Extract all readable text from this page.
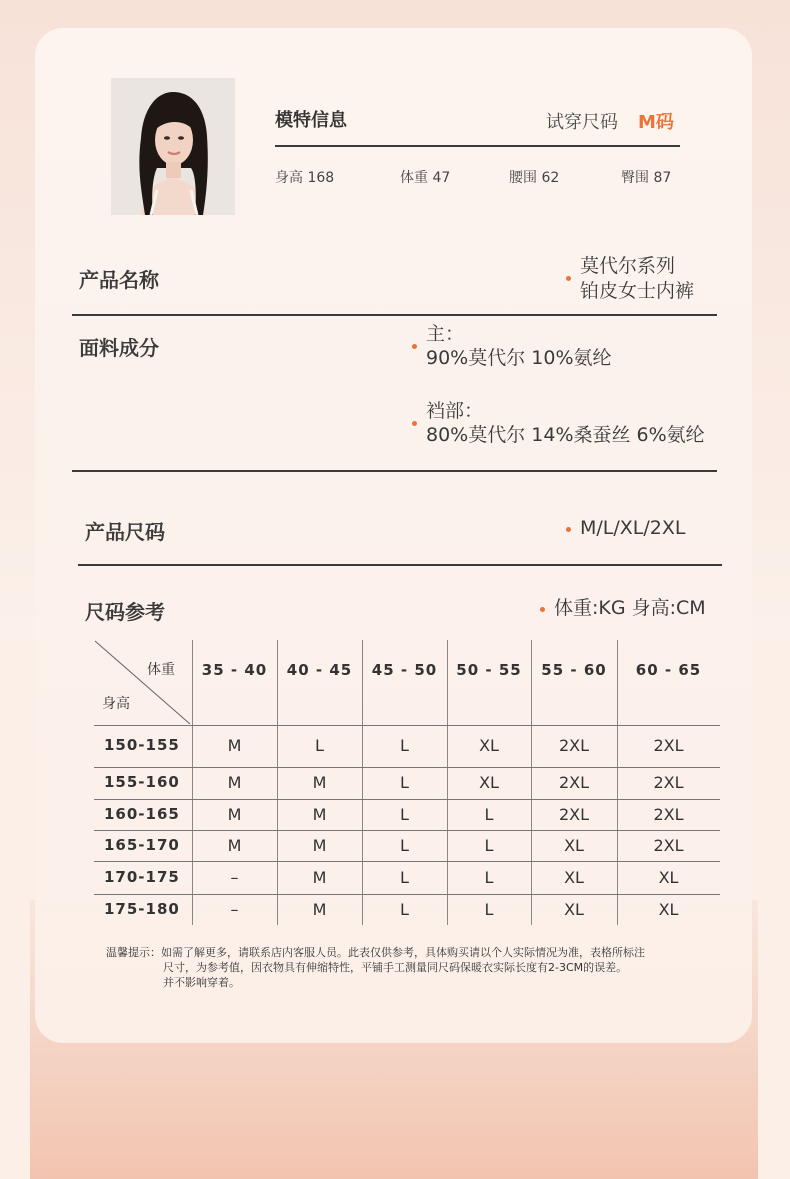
模特信息	试穿尺码 M码
身高 168	体重 47	腰围 62	臀围 87
产品名称
莫代尔系列
铂皮女士内裤
面料成分
主：
90%莫代尔 10%氨纶
裆部：
80%莫代尔 14%桑蚕丝 6%氨纶
产品尺码	M/L/XL/2XL
尺码参考	体重:KG 身高:CM
体重
身高
35 - 40	40 - 45	45 - 50	50 - 55	55 - 60	60 - 65
150-155	M	L	L	XL	2XL	2XL
155-160	M	M	L	XL	2XL	2XL
160-165	M	M	L	L	2XL	2XL
165-170	M	M	L	L	XL	2XL
170-175	–	M	L	L	XL	XL
175-180	–	M	L	L	XL	XL
温馨提示：如需了解更多，请联系店内客服人员。此表仅供参考，具体购买请以个人实际情况为准，表格所标注
尺寸，为参考值，因衣物具有伸缩特性，平铺手工测量同尺码保暖衣实际长度有2-3CM的误差。
并不影响穿着。
